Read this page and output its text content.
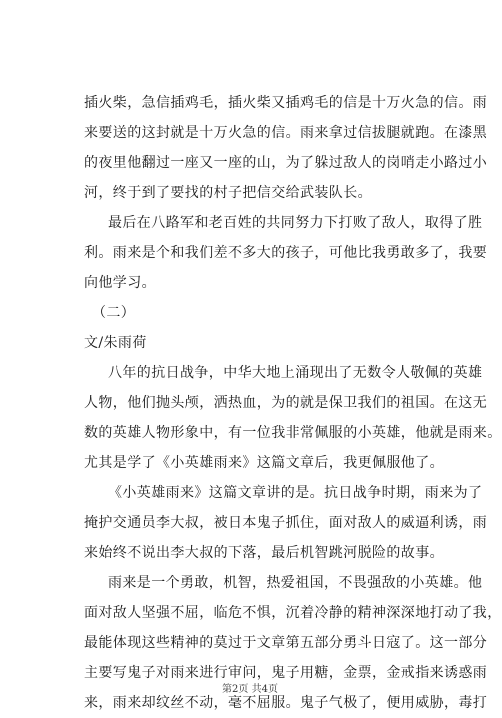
插火柴，急信插鸡毛，插火柴又插鸡毛的信是十万火急的信。雨
来要送的这封就是十万火急的信。雨来拿过信拔腿就跑。在漆黑
的夜里他翻过一座又一座的山，为了躲过敌人的岗哨走小路过小
河，终于到了要找的村子把信交给武装队长。
最后在八路军和老百姓的共同努力下打败了敌人，取得了胜
利。雨来是个和我们差不多大的孩子，可他比我勇敢多了，我要
向他学习。
（二）
文/朱雨荷
八年的抗日战争，中华大地上涌现出了无数令人敬佩的英雄
人物，他们抛头颅，洒热血，为的就是保卫我们的祖国。在这无
数的英雄人物形象中，有一位我非常佩服的小英雄，他就是雨来。
尤其是学了《小英雄雨来》这篇文章后，我更佩服他了。
《小英雄雨来》这篇文章讲的是。抗日战争时期，雨来为了
掩护交通员李大叔，被日本鬼子抓住，面对敌人的威逼利诱，雨
来始终不说出李大叔的下落，最后机智跳河脱险的故事。
雨来是一个勇敢，机智，热爱祖国，不畏强敌的小英雄。他
面对敌人坚强不屈，临危不惧，沉着冷静的精神深深地打动了我，
最能体现这些精神的莫过于文章第五部分勇斗日寇了。这一部分
主要写鬼子对雨来进行审问，鬼子用糖，金票，金戒指来诱惑雨
来，雨来却纹丝不动，毫不屈服。鬼子气极了，便用威胁，毒打
第2页 共4页
